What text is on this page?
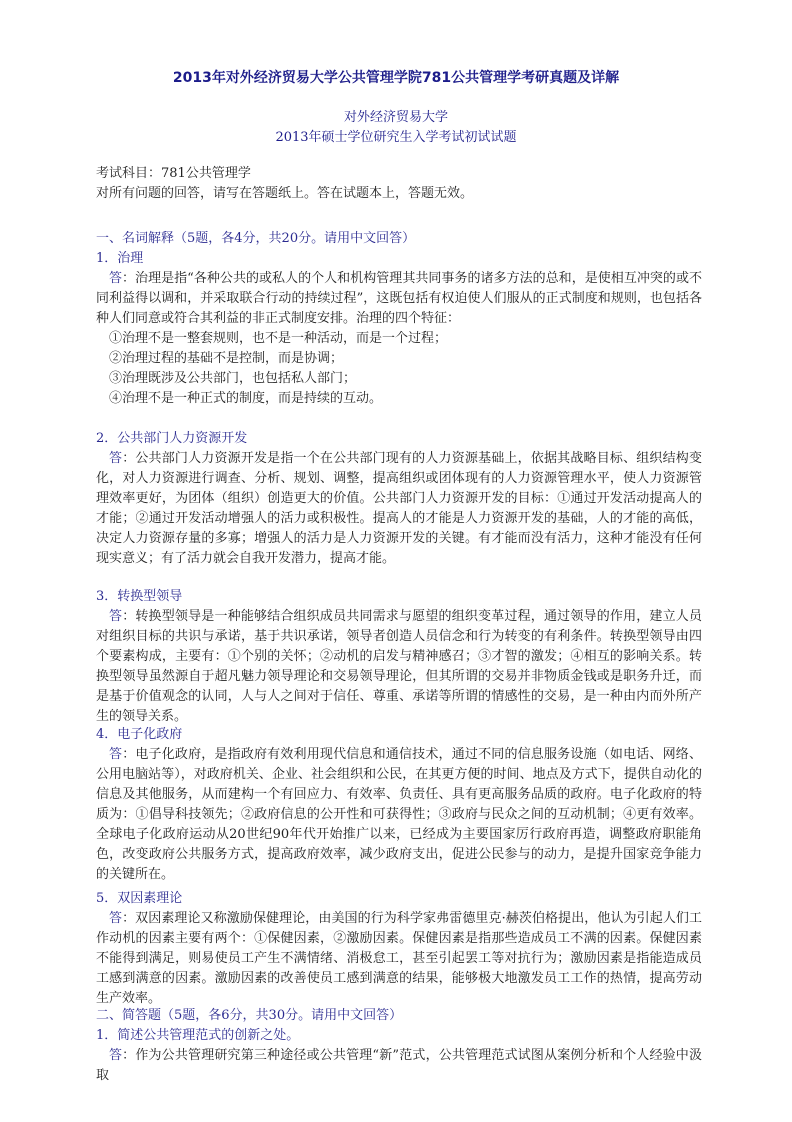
2013年对外经济贸易大学公共管理学院781公共管理学考研真题及详解
对外经济贸易大学
2013年硕士学位研究生入学考试初试试题
考试科目：781公共管理学
对所有问题的回答，请写在答题纸上。答在试题本上，答题无效。
一、名词解释（5题，各4分，共20分。请用中文回答）
1．治理
答：治理是指“各种公共的或私人的个人和机构管理其共同事务的诸多方法的总和，是使相互冲突的或不同利益得以调和，并采取联合行动的持续过程”，这既包括有权迫使人们服从的正式制度和规则，也包括各种人们同意或符合其利益的非正式制度安排。治理的四个特征：
①治理不是一整套规则，也不是一种活动，而是一个过程；
②治理过程的基础不是控制，而是协调；
③治理既涉及公共部门，也包括私人部门；
④治理不是一种正式的制度，而是持续的互动。
2．公共部门人力资源开发
答：公共部门人力资源开发是指一个在公共部门现有的人力资源基础上，依据其战略目标、组织结构变化，对人力资源进行调查、分析、规划、调整，提高组织或团体现有的人力资源管理水平，使人力资源管理效率更好，为团体（组织）创造更大的价值。公共部门人力资源开发的目标：①通过开发活动提高人的才能；②通过开发活动增强人的活力或积极性。提高人的才能是人力资源开发的基础，人的才能的高低，决定人力资源存量的多寡；增强人的活力是人力资源开发的关键。有才能而没有活力，这种才能没有任何现实意义；有了活力就会自我开发潜力，提高才能。
3．转换型领导
答：转换型领导是一种能够结合组织成员共同需求与愿望的组织变革过程，通过领导的作用，建立人员对组织目标的共识与承诺，基于共识承诺，领导者创造人员信念和行为转变的有利条件。转换型领导由四个要素构成，主要有：①个别的关怀；②动机的启发与精神感召；③才智的激发；④相互的影响关系。转换型领导虽然源自于超凡魅力领导理论和交易领导理论，但其所谓的交易并非物质金钱或是职务升迁，而是基于价值观念的认同，人与人之间对于信任、尊重、承诺等所谓的情感性的交易，是一种由内而外所产生的领导关系。
4．电子化政府
答：电子化政府，是指政府有效利用现代信息和通信技术，通过不同的信息服务设施（如电话、网络、公用电脑站等），对政府机关、企业、社会组织和公民，在其更方便的时间、地点及方式下，提供自动化的信息及其他服务，从而建构一个有回应力、有效率、负责任、具有更高服务品质的政府。电子化政府的特质为：①倡导科技领先；②政府信息的公开性和可获得性；③政府与民众之间的互动机制；④更有效率。全球电子化政府运动从20世纪90年代开始推广以来，已经成为主要国家厉行政府再造，调整政府职能角色，改变政府公共服务方式，提高政府效率，减少政府支出，促进公民参与的动力，是提升国家竞争能力的关键所在。
5．双因素理论
答：双因素理论又称激励保健理论，由美国的行为科学家弗雷德里克·赫茨伯格提出，他认为引起人们工作动机的因素主要有两个：①保健因素，②激励因素。保健因素是指那些造成员工不满的因素。保健因素不能得到满足，则易使员工产生不满情绪、消极怠工，甚至引起罢工等对抗行为；激励因素是指能造成员工感到满意的因素。激励因素的改善使员工感到满意的结果，能够极大地激发员工工作的热情，提高劳动生产效率。
二、简答题（5题，各6分，共30分。请用中文回答）
1．简述公共管理范式的创新之处。
答：作为公共管理研究第三种途径或公共管理“新”范式，公共管理范式试图从案例分析和个人经验中汲取
